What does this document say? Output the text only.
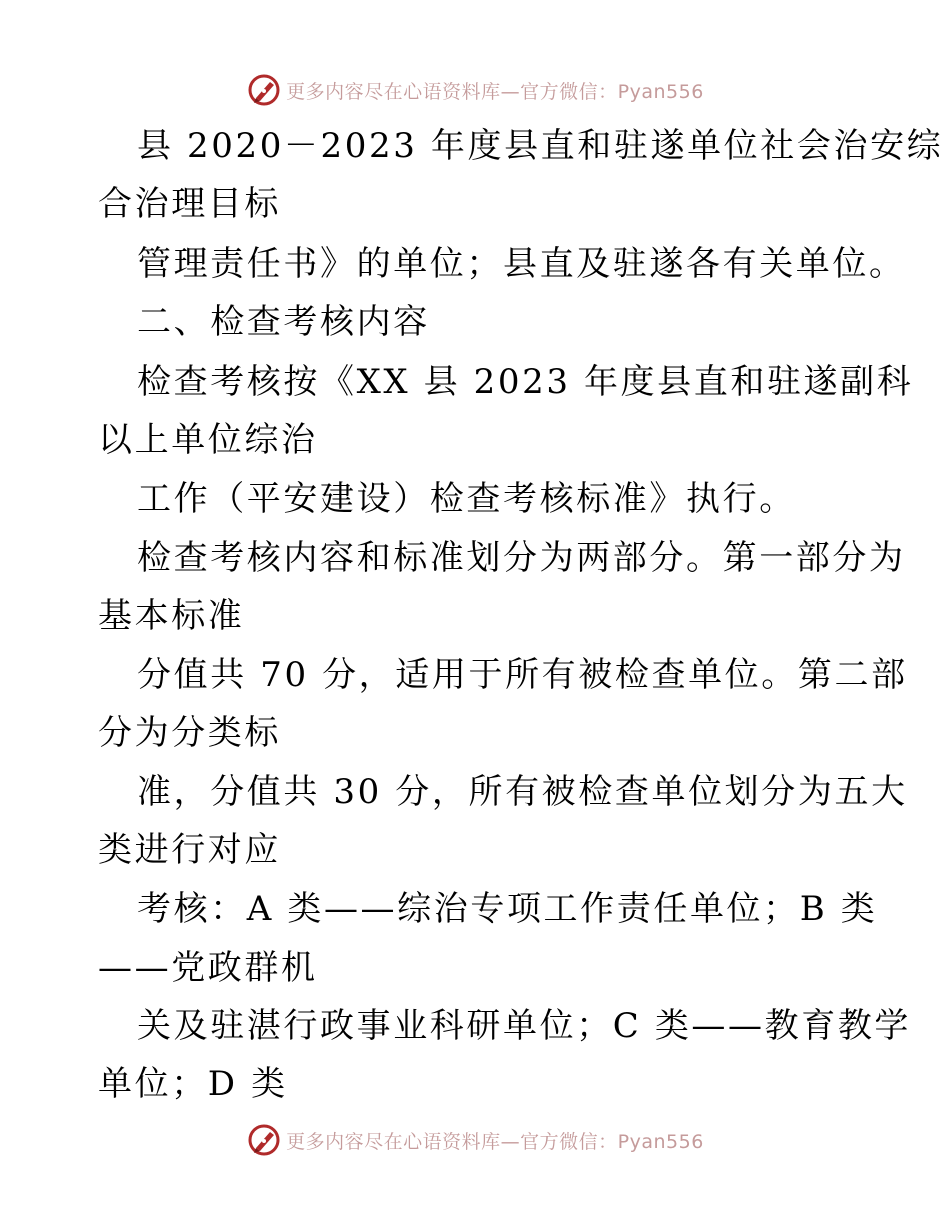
更多内容尽在心语资料库—官方微信：Pyan556
县 2020－2023 年度县直和驻遂单位社会治安综
合治理目标
管理责任书》的单位；县直及驻遂各有关单位。
二、检查考核内容
检查考核按《XX 县 2023 年度县直和驻遂副科
以上单位综治
工作（平安建设）检查考核标准》执行。
检查考核内容和标准划分为两部分。第一部分为
基本标准
分值共 70 分，适用于所有被检查单位。第二部
分为分类标
准，分值共 30 分，所有被检查单位划分为五大
类进行对应
考核：A 类——综治专项工作责任单位；B 类
——党政群机
关及驻湛行政事业科研单位；C 类——教育教学
单位；D 类
更多内容尽在心语资料库—官方微信：Pyan556
